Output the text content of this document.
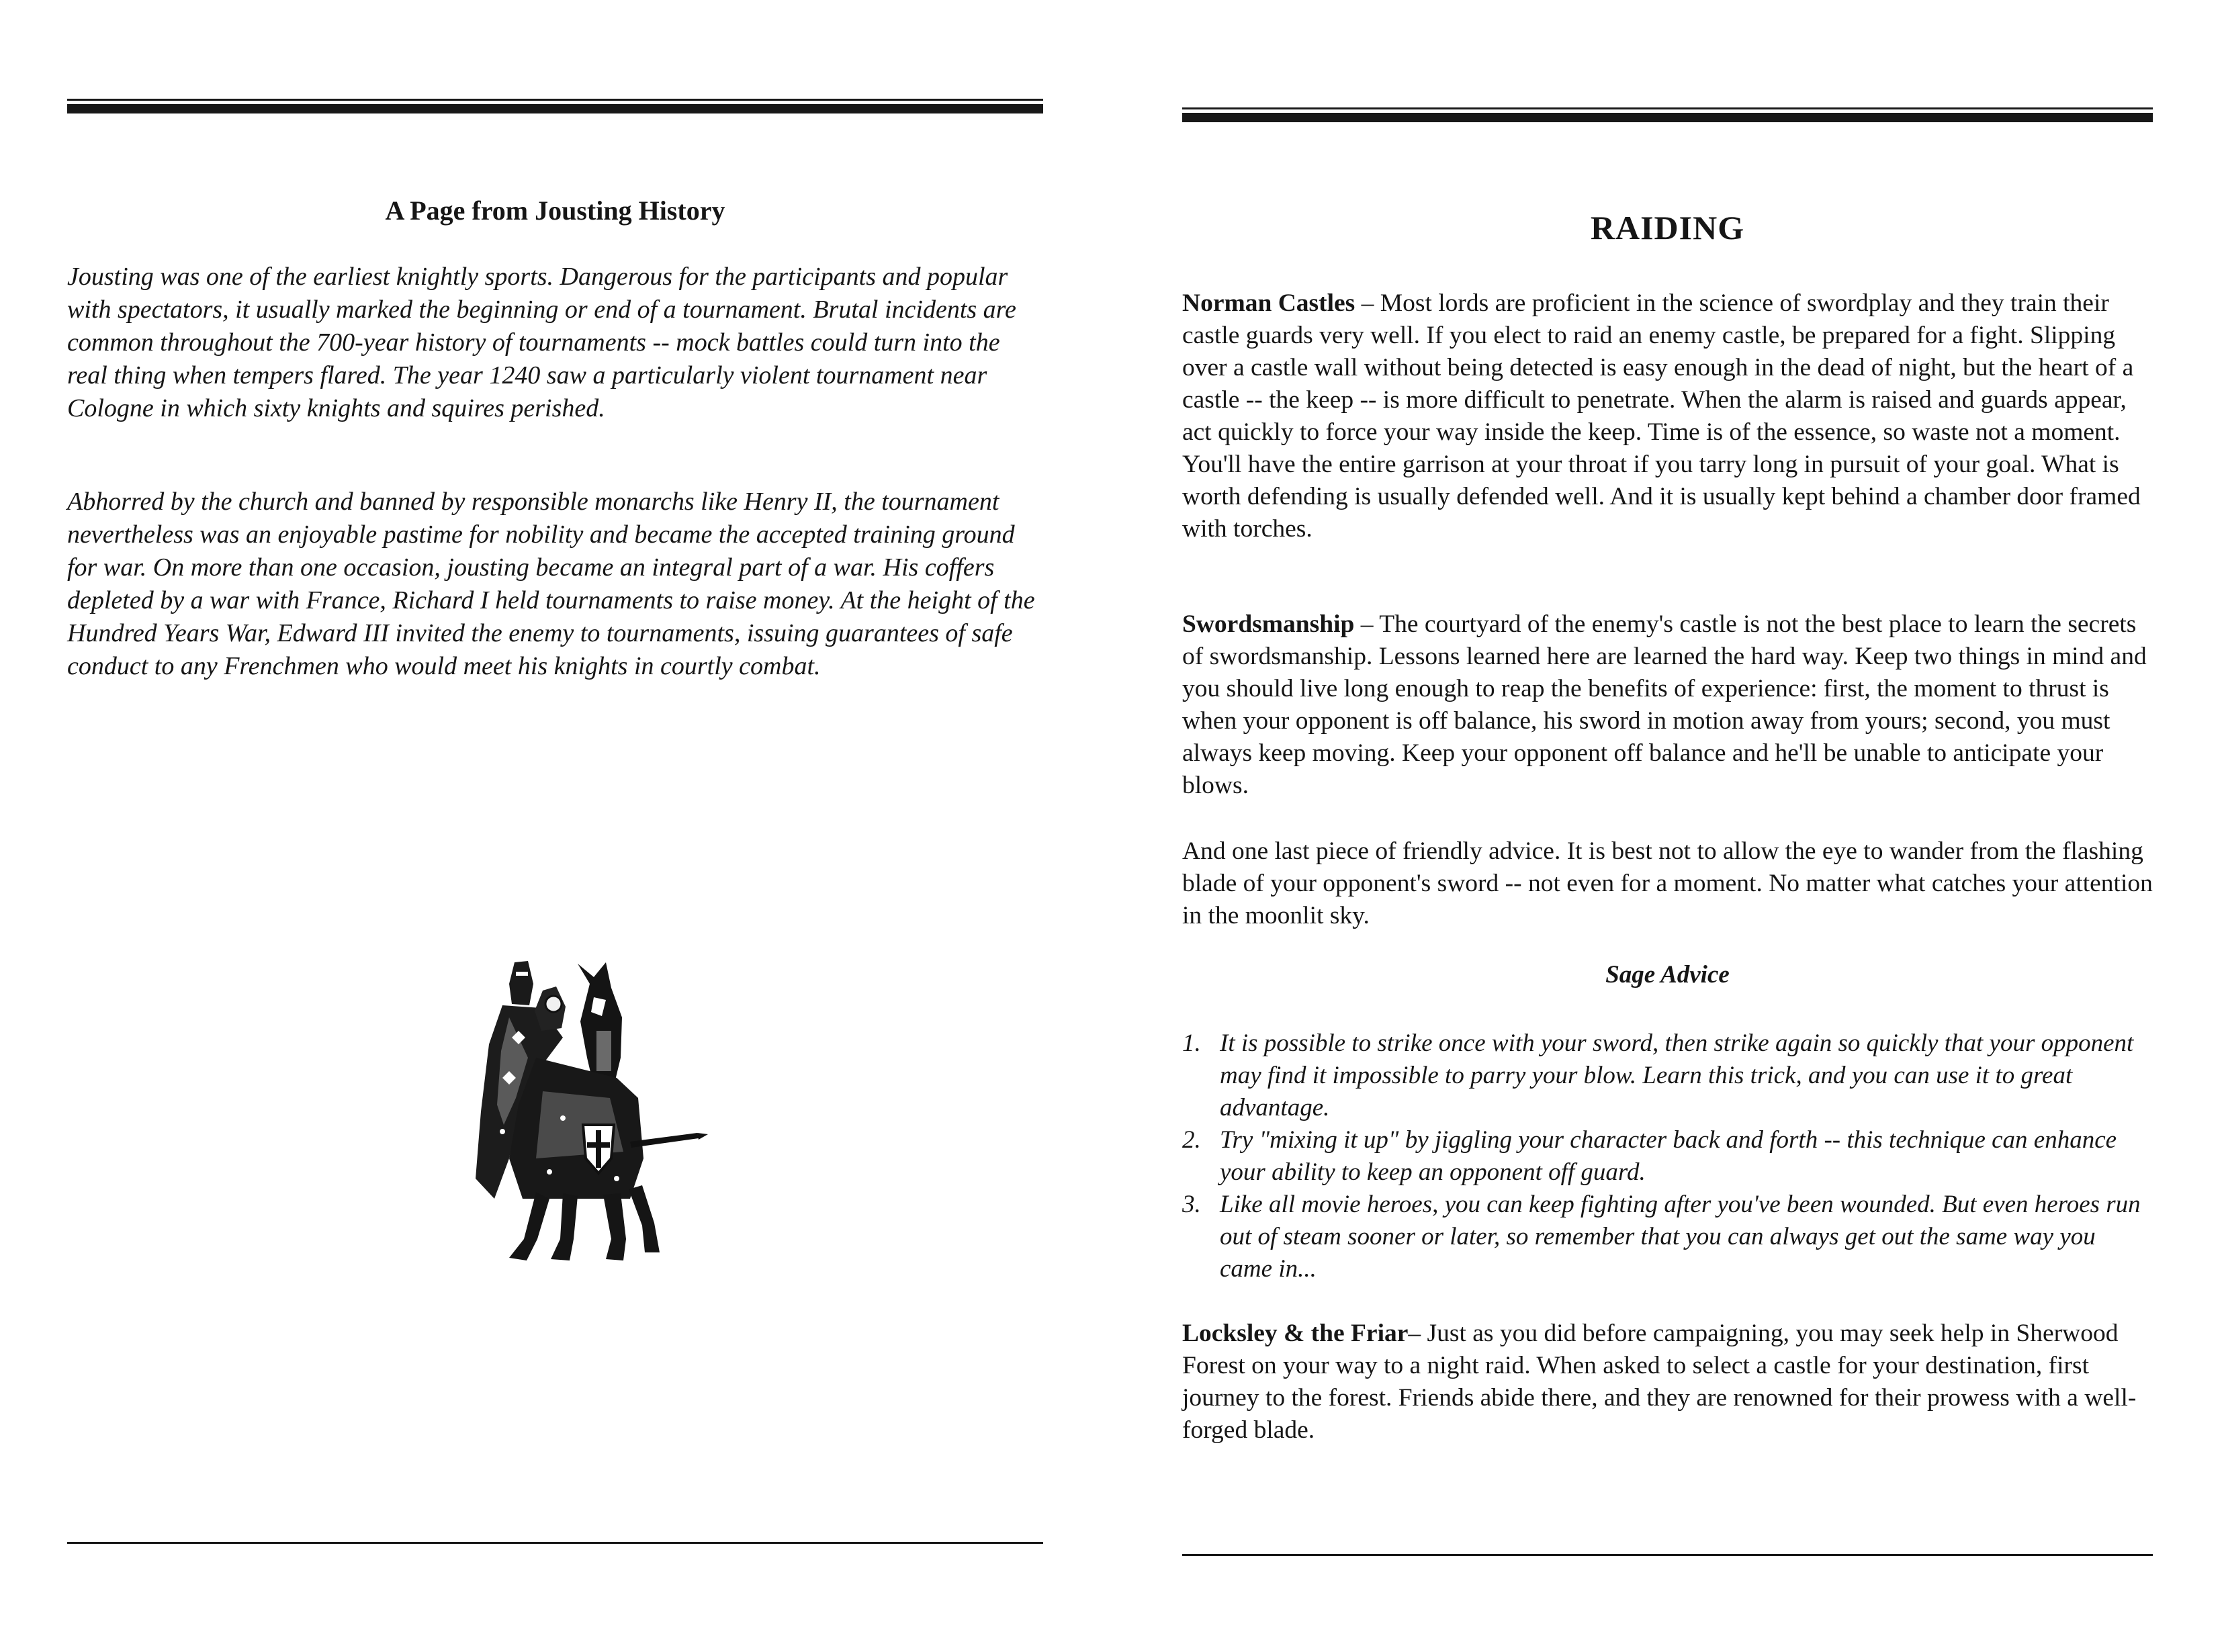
A Page from Jousting History

Jousting was one of the earliest knightly sports. Dangerous for the participants and popular with spectators, it usually marked the beginning or end of a tournament. Brutal incidents are common throughout the 700-year history of tournaments -- mock battles could turn into the real thing when tempers flared. The year 1240 saw a particularly violent tournament near Cologne in which sixty knights and squires perished.

Abhorred by the church and banned by responsible monarchs like Henry II, the tournament nevertheless was an enjoyable pastime for nobility and became the accepted training ground for war. On more than one occasion, jousting became an integral part of a war. His coffers depleted by a war with France, Richard I held tournaments to raise money. At the height of the Hundred Years War, Edward III invited the enemy to tournaments, issuing guarantees of safe conduct to any Frenchmen who would meet his knights in courtly combat.

RAIDING
Norman Castles – Most lords are proficient in the science of swordplay and they train their castle guards very well. If you elect to raid an enemy castle, be prepared for a fight. Slipping over a castle wall without being detected is easy enough in the dead of night, but the heart of a castle -- the keep -- is more difficult to penetrate. When the alarm is raised and guards appear, act quickly to force your way inside the keep. Time is of the essence, so waste not a moment.
You'll have the entire garrison at your throat if you tarry long in pursuit of your goal. What is worth defending is usually defended well. And it is usually kept behind a chamber door framed with torches.
Swordsmanship – The courtyard of the enemy's castle is not the best place to learn the secrets of swordsmanship. Lessons learned here are learned the hard way. Keep two things in mind and you should live long enough to reap the benefits of experience: first, the moment to thrust is when your opponent is off balance, his sword in motion away from yours; second, you must always keep moving. Keep your opponent off balance and he'll be unable to anticipate your blows.

And one last piece of friendly advice. It is best not to allow the eye to wander from the flashing blade of your opponent's sword -- not even for a moment. No matter what catches your attention in the moonlit sky.

Sage Advice
1. It is possible to strike once with your sword, then strike again so quickly that your opponent may find it impossible to parry your blow. Learn this trick, and you can use it to great advantage.
2. Try "mixing it up" by jiggling your character back and forth -- this technique can enhance your ability to keep an opponent off guard.
3. Like all movie heroes, you can keep fighting after you've been wounded. But even heroes run out of steam sooner or later, so remember that you can always get out the same way you came in...
Locksley & the Friar– Just as you did before campaigning, you may seek help in Sherwood Forest on your way to a night raid. When asked to select a castle for your destination, first journey to the forest. Friends abide there, and they are renowned for their prowess with a well-forged blade.
